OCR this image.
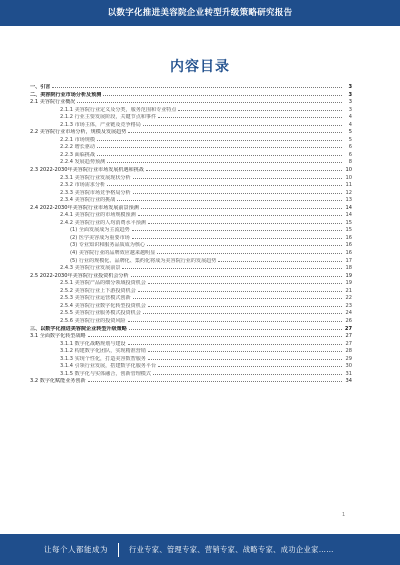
以数字化推进美容院企业转型升级策略研究报告
内容目录
一、引言	3
二、美容院行业市场分析及预测	3
2.1 美容院行业概况	3
2.1.1 美容院行业定义及分类，服务范围和专业特点	3
2.1.2 行业主要发展阶段，关键节点和事件	4
2.1.3 市场主体，产业链及竞争格局	4
2.2 美容院行业市场分析，规模及发展趋势	5
2.2.1 市场规模	5
2.2.2 增长驱动	6
2.2.3 面临挑战	6
2.2.4 发展趋势预测	8
2.3 2022-2030年美容院行业市场发展机遇和挑战	10
2.3.1 美容院行业发展现状分析	10
2.3.2 市场需求分析	11
2.3.3 美容院市场竞争格局分析	12
2.3.4 美容院行业的挑战	13
2.4 2022-2030年美容院行业市场发展前景预测	14
2.4.1 美容院行业的市场规模预测	14
2.4.2 美容院行业的人均消费水平预测	15
(1) 全面发展成为主流趋势	15
(2) 医学美容成为重要市场	16
(3) 专业知识和服务品质成为核心	16
(4) 美容院行业的品牌效应越来越明显	16
(5) 行业的规模化、品牌化、集约化将成为美容院行业的发展趋势	17
2.4.3 美容院行业发展前景	18
2.5 2022-2030年美容院行业投资机会分析	19
2.5.1 美容院产品的细分领域投资机会	19
2.5.2 美容院行业上下游投资机会	21
2.5.3 美容院行业运营模式创新	22
2.5.4 美容院行业数字化转型投资机会	23
2.5.5 美容院行业服务模式投资机会	24
2.5.6 美容院行业的投资风险	26
三、以数字化推进美容院企业转型升级策略	27
3.1 全面数字化转型战略	27
3.1.1 数字化战略规划与建设	27
3.1.2 构建数字化团队，实现精准营销	28
3.1.3 实现个性化，打造美容数智服务	29
3.1.4 引领行业发展，搭建数字化服务平台	30
3.1.5 数字化与实体融合，创新管理模式	31
3.2 数字化赋能业务创新	34
1
让每个人都能成为	行业专家、管理专家、营销专家、战略专家、成功企业家……
